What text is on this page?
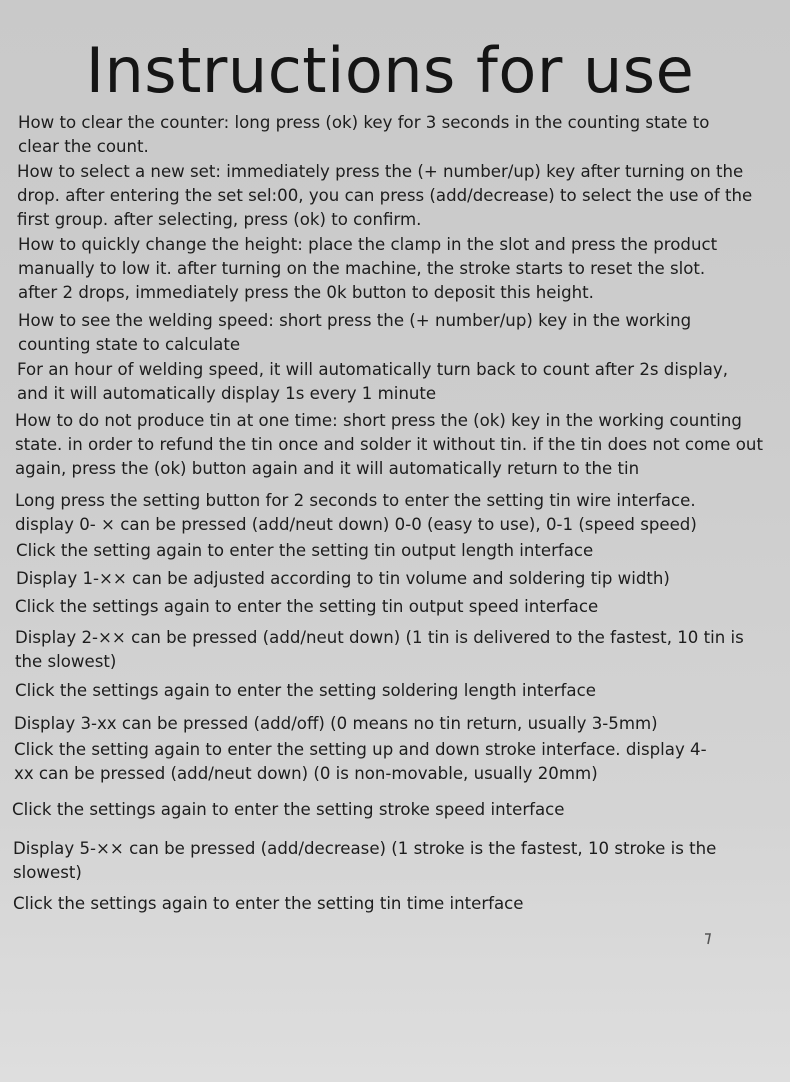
Instructions for use

How to clear the counter: long press (ok) key for 3 seconds in the counting state to clear the count.

How to select a new set: immediately press the (+ number/up) key after turning on the drop. after entering the set sel:00, you can press (add/decrease) to select the use of the first group. after selecting, press (ok) to confirm.

How to quickly change the height: place the clamp in the slot and press the product manually to low it. after turning on the machine, the stroke starts to reset the slot. after 2 drops, immediately press the 0k button to deposit this height.

How to see the welding speed: short press the (+ number/up) key in the working counting state to calculate

For an hour of welding speed, it will automatically turn back to count after 2s display, and it will automatically display 1s every 1 minute

How to do not produce tin at one time: short press the (ok) key in the working counting state. in order to refund the tin once and solder it without tin. if the tin does not come out again, press the (ok) button again and it will automatically return to the tin

Long press the setting button for 2 seconds to enter the setting tin wire interface. display 0- × can be pressed (add/neut down) 0-0 (easy to use), 0-1 (speed speed)

Click the setting again to enter the setting tin output length interface

Display 1-×× can be adjusted according to tin volume and soldering tip width)

Click the settings again to enter the setting tin output speed interface

Display 2-×× can be pressed (add/neut down) (1 tin is delivered to the fastest, 10 tin is the slowest)

Click the settings again to enter the setting soldering length interface

Display 3-xx can be pressed (add/off) (0 means no tin return, usually 3-5mm)

Click the setting again to enter the setting up and down stroke interface. display 4-xx can be pressed (add/neut down) (0 is non-movable, usually 20mm)

Click the settings again to enter the setting stroke speed interface

Display 5-×× can be pressed (add/decrease) (1 stroke is the fastest, 10 stroke is the slowest)

Click the settings again to enter the setting tin time interface
